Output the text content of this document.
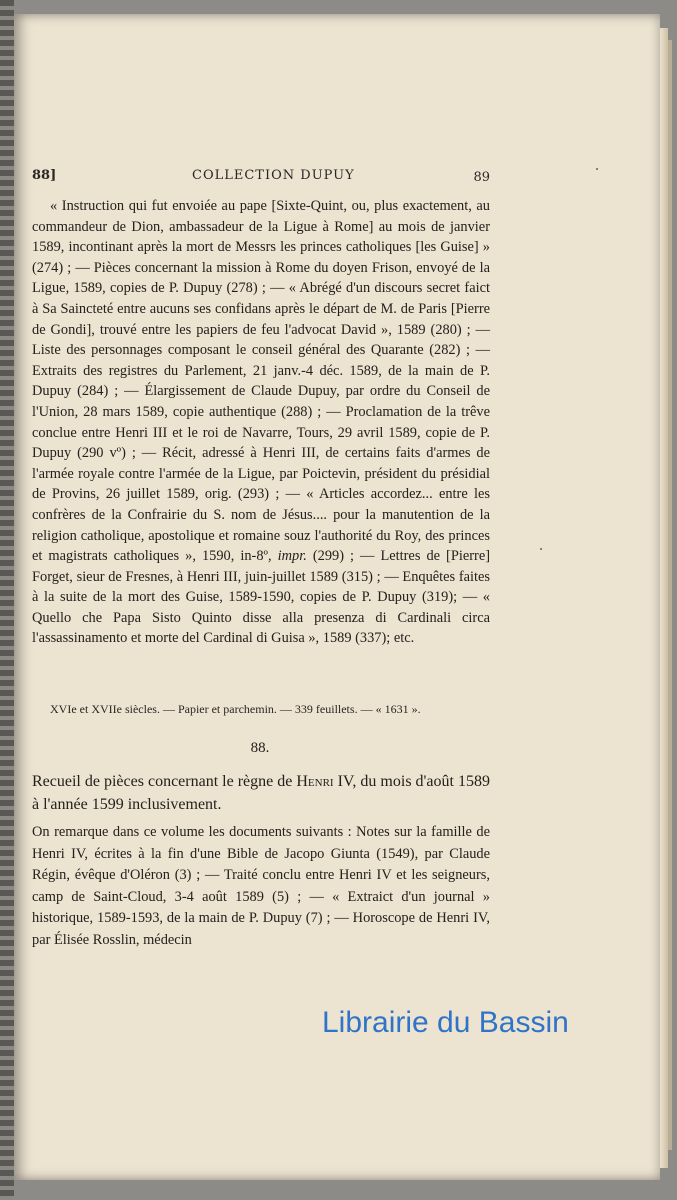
88]	COLLECTION DUPUY	89

« Instruction qui fut envoiée au pape [Sixte-Quint, ou, plus exactement, au commandeur de Dion, ambassadeur de la Ligue à Rome] au mois de janvier 1589, incontinant après la mort de Messrs les princes catholiques [les Guise] » (274) ; — Pièces concernant la mission à Rome du doyen Frison, envoyé de la Ligue, 1589, copies de P. Dupuy (278) ; — « Abrégé d'un discours secret faict à Sa Saincteté entre aucuns ses confidans après le départ de M. de Paris [Pierre de Gondi], trouvé entre les papiers de feu l'advocat David », 1589 (280) ; — Liste des personnages composant le conseil général des Quarante (282) ; — Extraits des registres du Parlement, 21 janv.-4 déc. 1589, de la main de P. Dupuy (284) ; — Élargissement de Claude Dupuy, par ordre du Conseil de l'Union, 28 mars 1589, copie authentique (288) ; — Proclamation de la trêve conclue entre Henri III et le roi de Navarre, Tours, 29 avril 1589, copie de P. Dupuy (290 vº) ; — Récit, adressé à Henri III, de certains faits d'armes de l'armée royale contre l'armée de la Ligue, par Poictevin, président du présidial de Provins, 26 juillet 1589, orig. (293) ; — « Articles accordez... entre les confrères de la Confrairie du S. nom de Jésus.... pour la manutention de la religion catholique, apostolique et romaine souz l'authorité du Roy, des princes et magistrats catholiques », 1590, in-8º, impr. (299) ; — Lettres de [Pierre] Forget, sieur de Fresnes, à Henri III, juin-juillet 1589 (315) ; — Enquêtes faites à la suite de la mort des Guise, 1589-1590, copies de P. Dupuy (319); — « Quello che Papa Sisto Quinto disse alla presenza di Cardinali circa l'assassinamento et morte del Cardinal di Guisa », 1589 (337); etc.

XVIe et XVIIe siècles. — Papier et parchemin. — 339 feuillets. — « 1631 ».
88.

Recueil de pièces concernant le règne de Henri IV, du mois d'août 1589 à l'année 1599 inclusivement.

On remarque dans ce volume les documents suivants : Notes sur la famille de Henri IV, écrites à la fin d'une Bible de Jacopo Giunta (1549), par Claude Régin, évêque d'Oléron (3) ; — Traité conclu entre Henri IV et les seigneurs, camp de Saint-Cloud, 3-4 août 1589 (5) ; — « Extraict d'un journal » historique, 1589-1593, de la main de P. Dupuy (7) ; — Horoscope de Henri IV, par Élisée Rosslin, médecin

Librairie du Bassin
